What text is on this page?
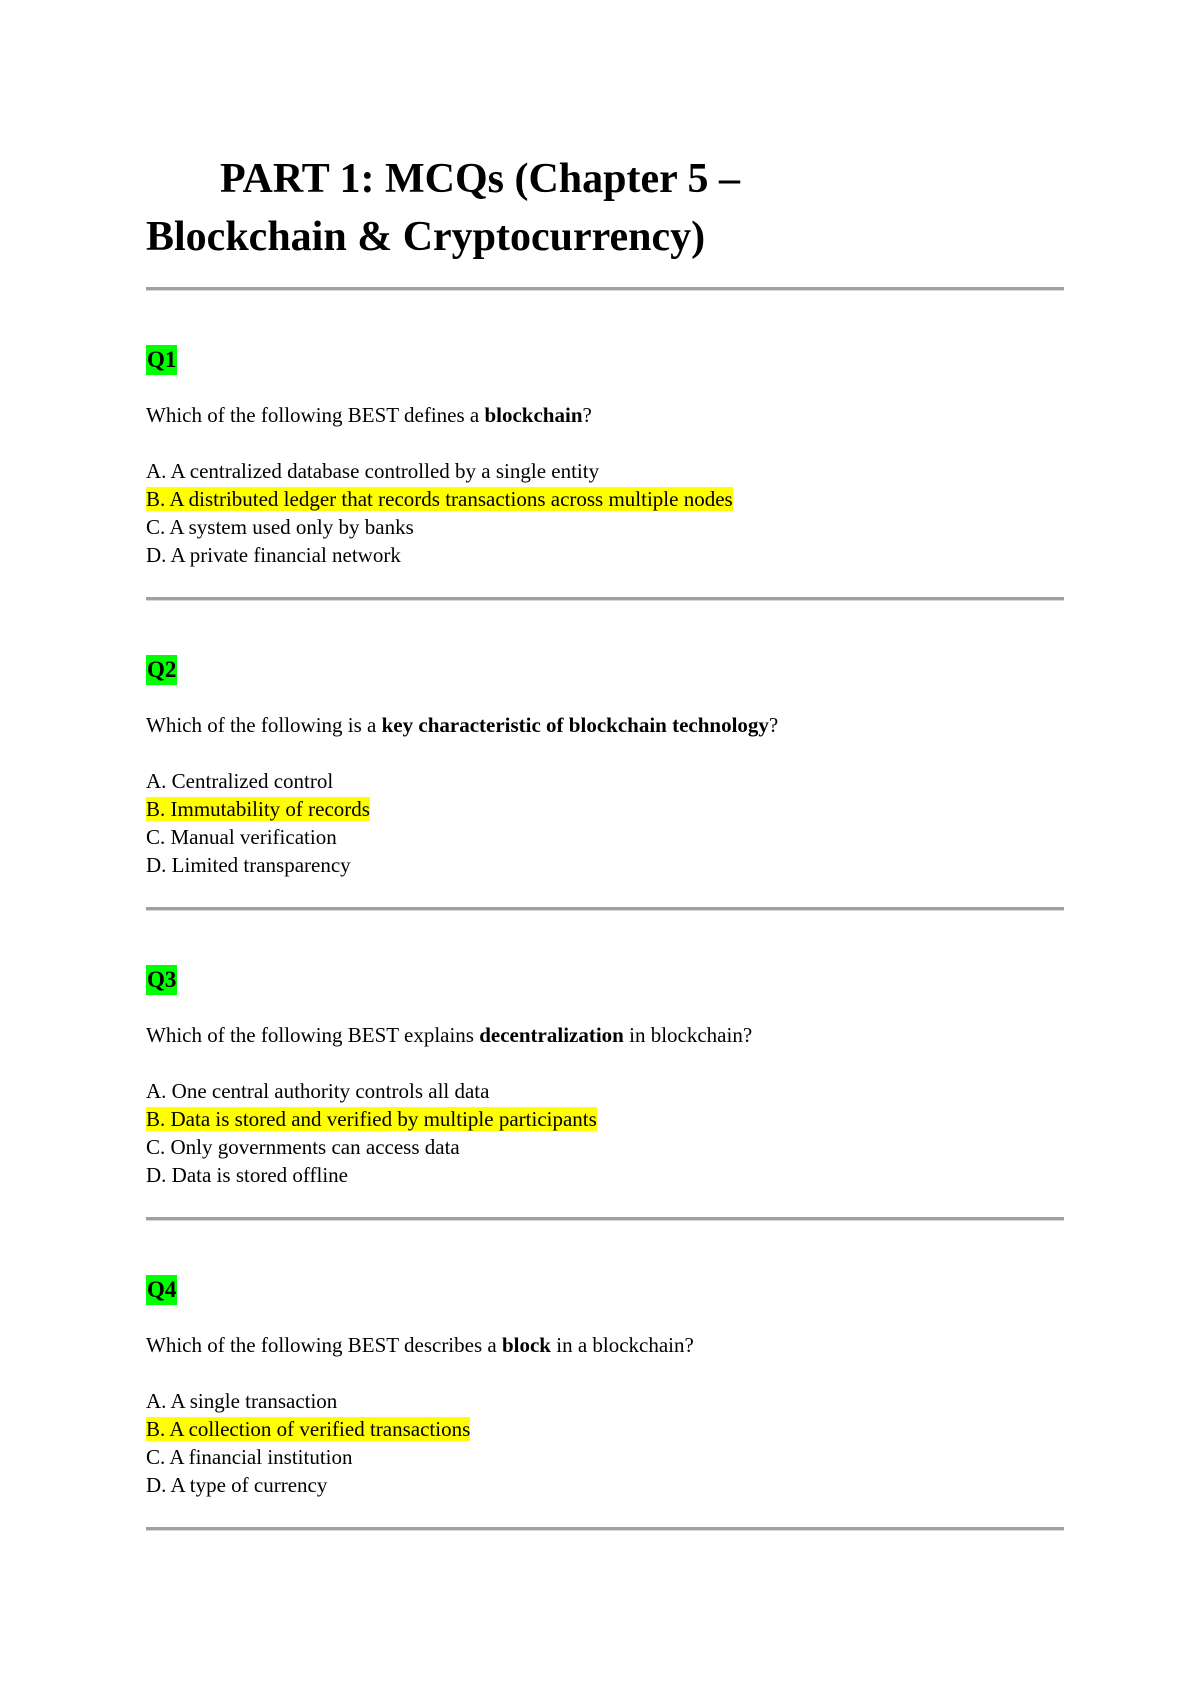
PART 1: MCQs (Chapter 5 –
Blockchain & Cryptocurrency)
Q1
Which of the following BEST defines a blockchain?
A. A centralized database controlled by a single entity
B. A distributed ledger that records transactions across multiple nodes
C. A system used only by banks
D. A private financial network
Q2
Which of the following is a key characteristic of blockchain technology?
A. Centralized control
B. Immutability of records
C. Manual verification
D. Limited transparency
Q3
Which of the following BEST explains decentralization in blockchain?
A. One central authority controls all data
B. Data is stored and verified by multiple participants
C. Only governments can access data
D. Data is stored offline
Q4
Which of the following BEST describes a block in a blockchain?
A. A single transaction
B. A collection of verified transactions
C. A financial institution
D. A type of currency
